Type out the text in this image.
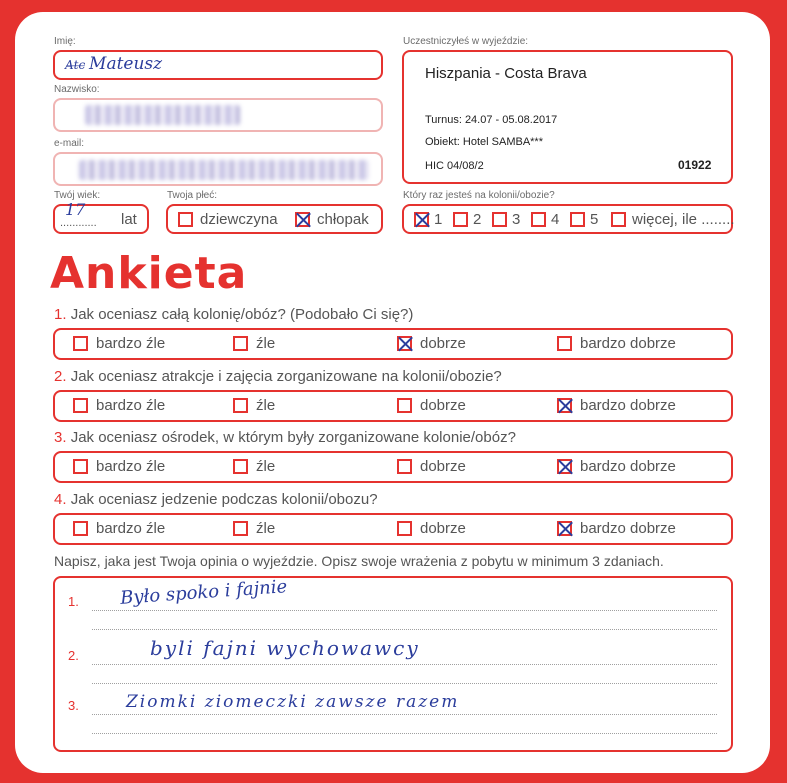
Imię:
A̶t̶c̶ Mateusz
Nazwisko:
e-mail:
Twój wiek:
............
17
lat
Twoja płeć:
dziewczyna	chłopak
Uczestniczyłeś w wyjeździe:
Hiszpania - Costa Brava
Turnus: 24.07 - 05.08.2017
Obiekt: Hotel SAMBA***
HIC 04/08/2	01922
Który raz jesteś na kolonii/obozie?
1 2 3 4 5 więcej, ile ........
Ankieta
1. Jak oceniasz całą kolonię/obóz? (Podobało Ci się?)
bardzo źle	źle	dobrze	bardzo dobrze
2. Jak oceniasz atrakcje i zajęcia zorganizowane na kolonii/obozie?
bardzo źle	źle	dobrze	bardzo dobrze
3. Jak oceniasz ośrodek, w którym były zorganizowane kolonie/obóz?
bardzo źle	źle	dobrze	bardzo dobrze
4. Jak oceniasz jedzenie podczas kolonii/obozu?
bardzo źle	źle	dobrze	bardzo dobrze
Napisz, jaka jest Twoja opinia o wyjeździe. Opisz swoje wrażenia z pobytu w minimum 3 zdaniach.
1. Było spoko i fajnie
2.	byli fajni wychowawcy
3.	Ziomki ziomeczki zawsze razem
